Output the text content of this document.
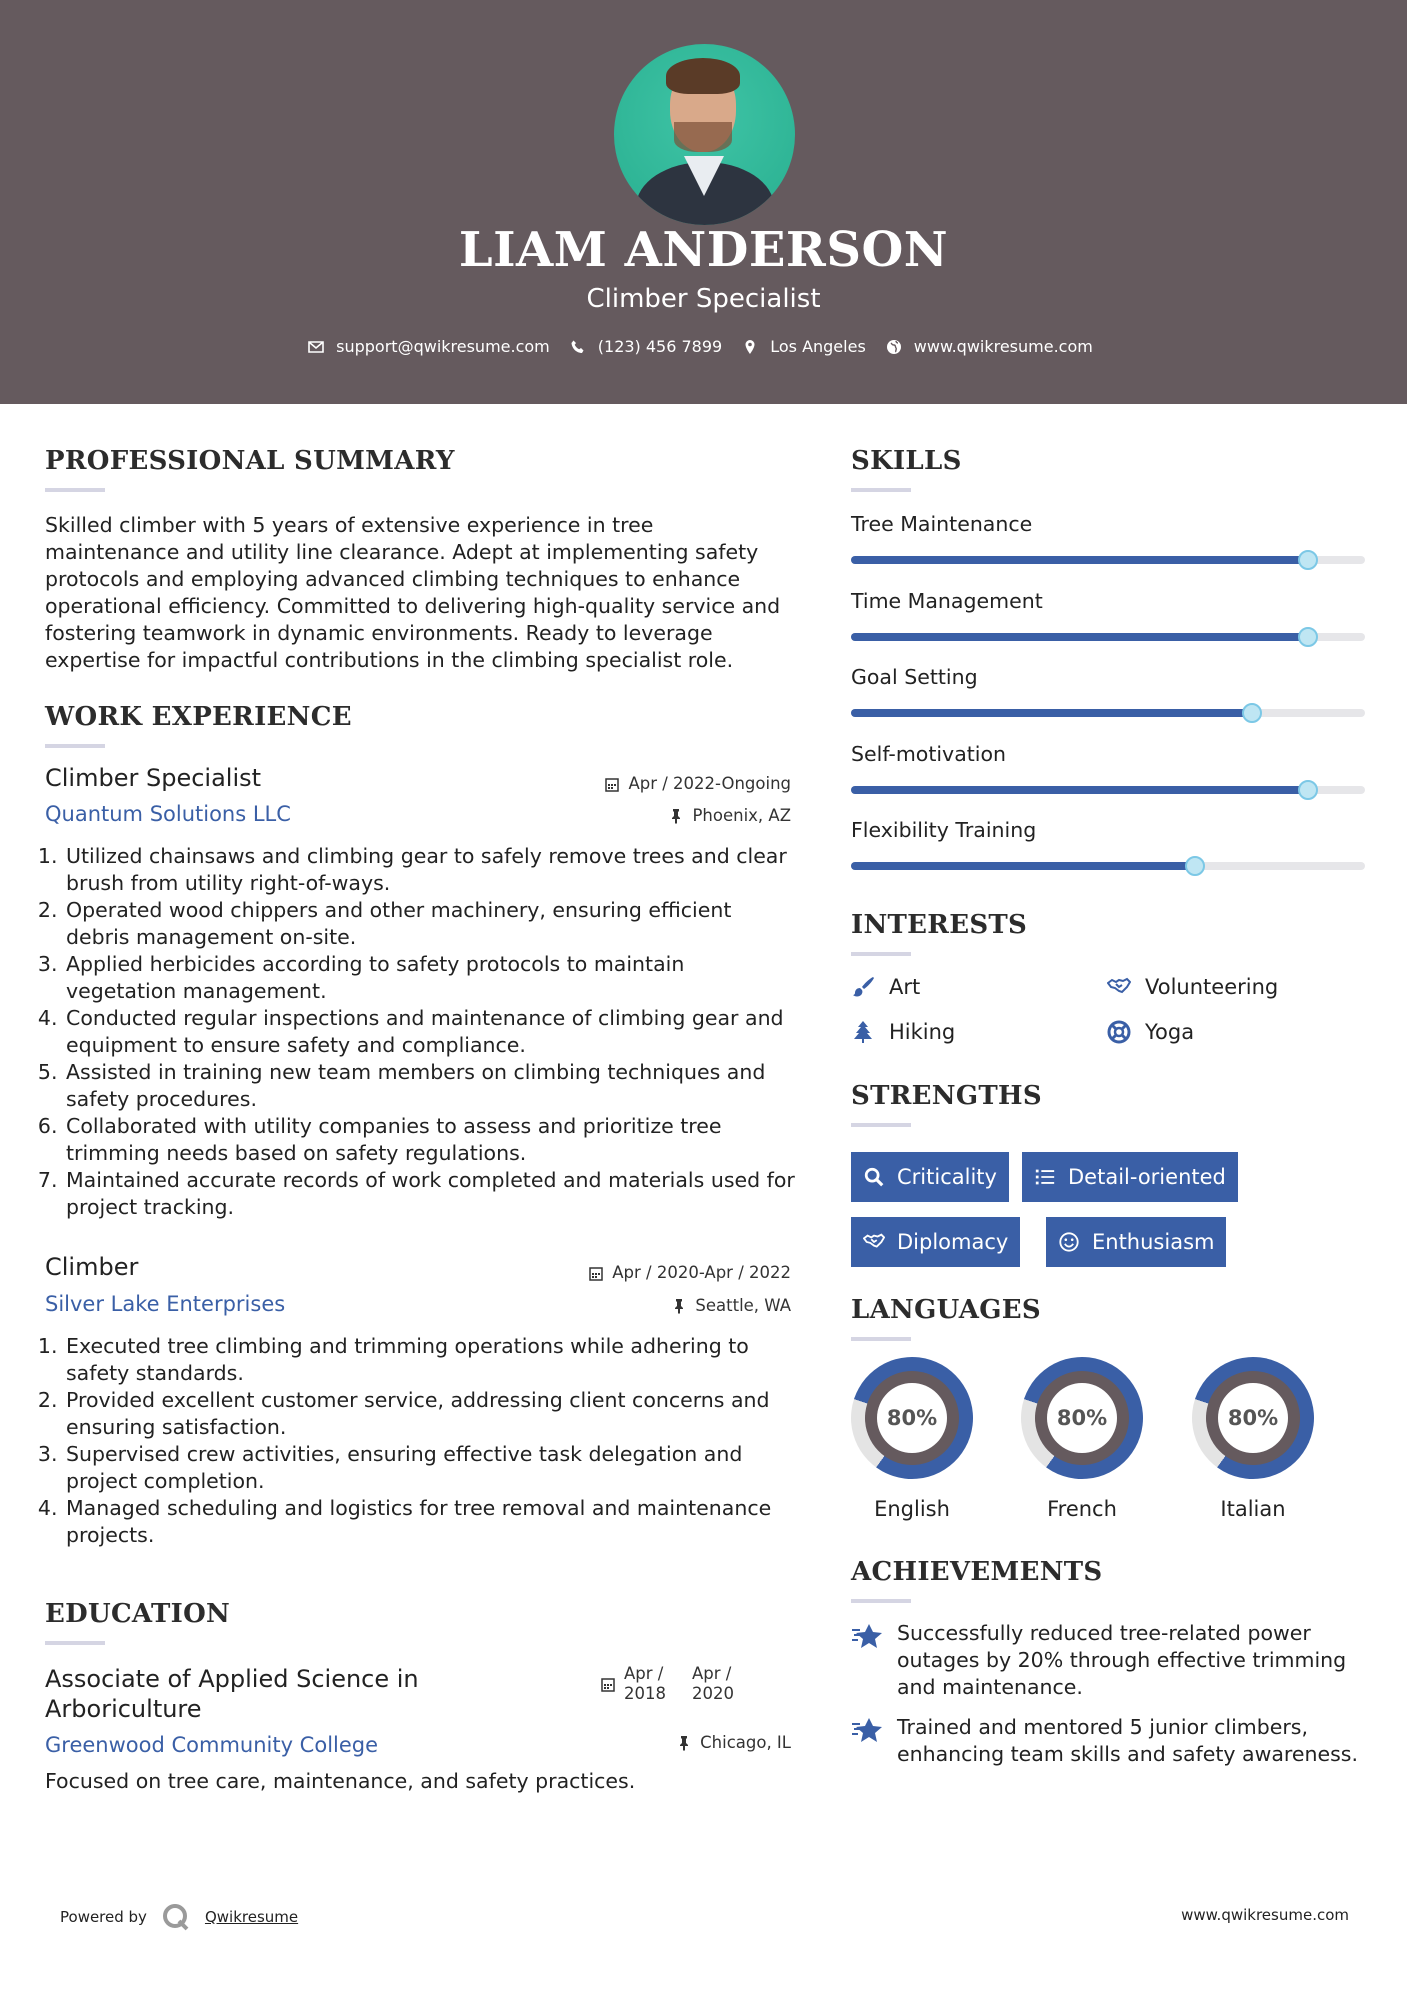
LIAM ANDERSON
Climber Specialist
support@qwikresume.com	(123) 456 7899	Los Angeles	www.qwikresume.com
PROFESSIONAL SUMMARY
Skilled climber with 5 years of extensive experience in tree maintenance and utility line clearance. Adept at implementing safety protocols and employing advanced climbing techniques to enhance operational efficiency. Committed to delivering high-quality service and fostering teamwork in dynamic environments. Ready to leverage expertise for impactful contributions in the climbing specialist role.
WORK EXPERIENCE
Climber Specialist	Apr / 2022-Ongoing
Quantum Solutions LLC	Phoenix, AZ
1. Utilized chainsaws and climbing gear to safely remove trees and clear brush from utility right-of-ways.
2. Operated wood chippers and other machinery, ensuring efficient debris management on-site.
3. Applied herbicides according to safety protocols to maintain vegetation management.
4. Conducted regular inspections and maintenance of climbing gear and equipment to ensure safety and compliance.
5. Assisted in training new team members on climbing techniques and safety procedures.
6. Collaborated with utility companies to assess and prioritize tree trimming needs based on safety regulations.
7. Maintained accurate records of work completed and materials used for project tracking.
Climber	Apr / 2020-Apr / 2022
Silver Lake Enterprises	Seattle, WA
1. Executed tree climbing and trimming operations while adhering to safety standards.
2. Provided excellent customer service, addressing client concerns and ensuring satisfaction.
3. Supervised crew activities, ensuring effective task delegation and project completion.
4. Managed scheduling and logistics for tree removal and maintenance projects.
EDUCATION
Associate of Applied Science in Arboriculture
Apr / 2018
Apr / 2020
Greenwood Community College	Chicago, IL
Focused on tree care, maintenance, and safety practices.
SKILLS
Tree Maintenance
Time Management
Goal Setting
Self-motivation
Flexibility Training
INTERESTS
Art	Volunteering
Hiking	Yoga
STRENGTHS
Criticality	Detail-oriented
Diplomacy	Enthusiasm
LANGUAGES
80%
English
80%
French
80%
Italian
ACHIEVEMENTS
Successfully reduced tree-related power outages by 20% through effective trimming and maintenance.
Trained and mentored 5 junior climbers, enhancing team skills and safety awareness.
Powered by	Qwikresume	www.qwikresume.com
